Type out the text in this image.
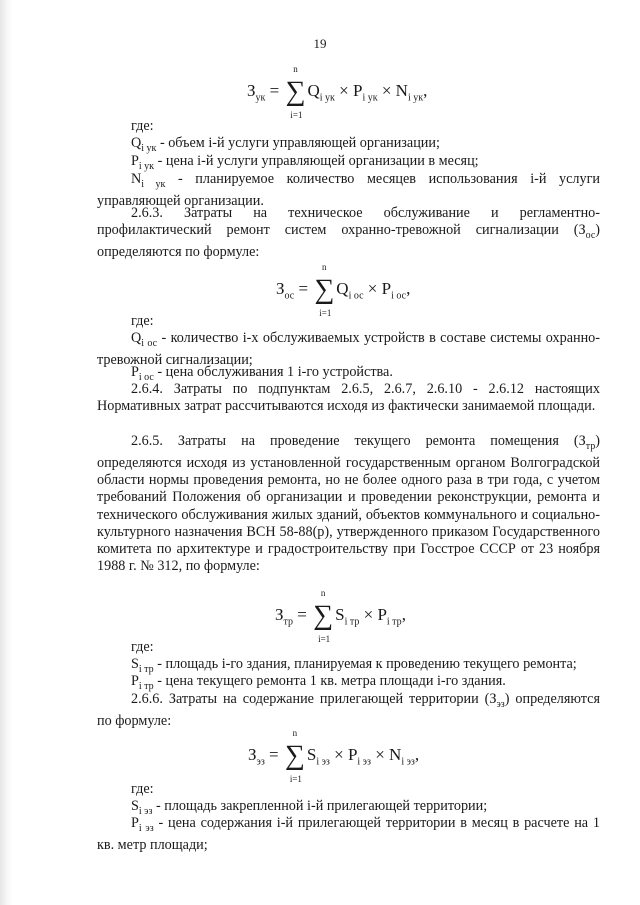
19
$З_{ук}$ =
n
∑
i=1
$Q_{i ук} \times P_{i ук} \times N_{i ук}$,
где:
$Q_{i ук}$ - объем i-й услуги управляющей организации;
$P_{i ук}$ - цена i-й услуги управляющей организации в месяц;
$N_{i ук}$ - планируемое количество месяцев использования i-й услуги управляющей организации.
2.6.3. Затраты на техническое обслуживание и регламентно-профилактический ремонт систем охранно-тревожной сигнализации $(З_{ос})$ определяются по формуле:
$З_{ос}$ =
n
∑
i=1
$Q_{i ос} \times P_{i ос}$,
где:
$Q_{i ос}$ - количество i-х обслуживаемых устройств в составе системы охранно-тревожной сигнализации;
$P_{i ос}$ - цена обслуживания 1 i-го устройства.
2.6.4. Затраты по подпунктам 2.6.5, 2.6.7, 2.6.10 - 2.6.12 настоящих Нормативных затрат рассчитываются исходя из фактически занимаемой площади.
2.6.5. Затраты на проведение текущего ремонта помещения $(З_{тр})$ определяются исходя из установленной государственным органом Волгоградской области нормы проведения ремонта, но не более одного раза в три года, с учетом требований Положения об организации и проведении реконструкции, ремонта и технического обслуживания жилых зданий, объектов коммунального и социально-культурного назначения ВСН 58-88(р), утвержденного приказом Государственного комитета по архитектуре и градостроительству при Госстрое СССР от 23 ноября 1988 г. № 312, по формуле:
$З_{тр}$ =
n
∑
i=1
$S_{i тр} \times P_{i тр}$,
где:
$S_{i тр}$ - площадь i-го здания, планируемая к проведению текущего ремонта;
$P_{i тр}$ - цена текущего ремонта 1 кв. метра площади i-го здания.
2.6.6. Затраты на содержание прилегающей территории $(З_{эз})$ определяются по формуле:
$З_{эз}$ =
n
∑
i=1
$S_{i эз} \times P_{i эз} \times N_{i эз}$,
где:
$S_{i эз}$ - площадь закрепленной i-й прилегающей территории;
$P_{i эз}$ - цена содержания i-й прилегающей территории в месяц в расчете на 1 кв. метр площади;
